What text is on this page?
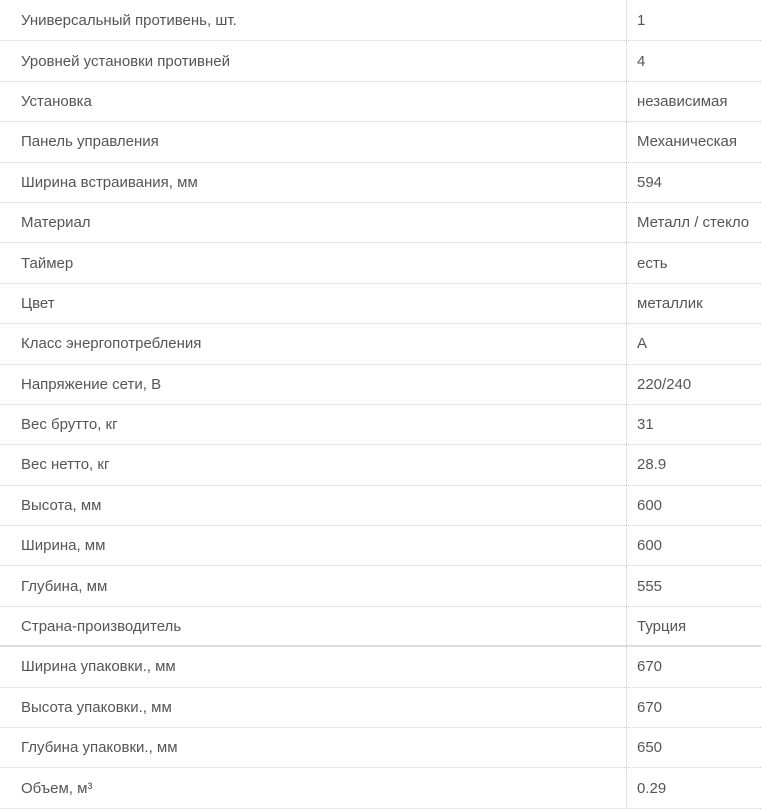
Универсальный противень, шт.	1
Уровней установки противней	4
Установка	независимая
Панель управления	Механическая
Ширина встраивания, мм	594
Материал	Металл / стекло
Таймер	есть
Цвет	металлик
Класс энергопотребления	A
Напряжение сети, В	220/240
Вес брутто, кг	31
Вес нетто, кг	28.9
Высота, мм	600
Ширина, мм	600
Глубина, мм	555
Страна-производитель	Турция
Ширина упаковки., мм	670
Высота упаковки., мм	670
Глубина упаковки., мм	650
Объем, м³	0.29
